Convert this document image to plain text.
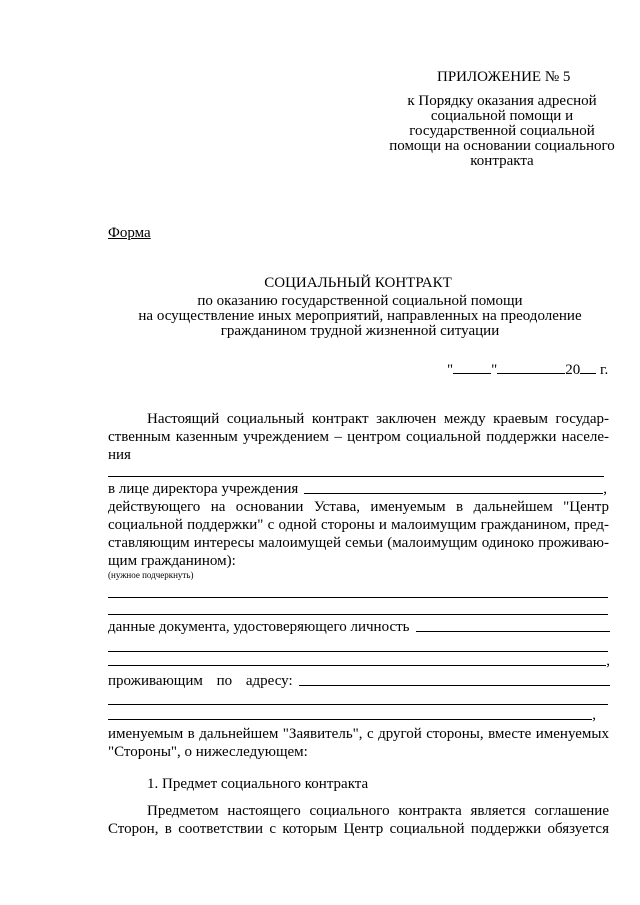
ПРИЛОЖЕНИЕ № 5
к Порядку оказания адресной
социальной помощи и
государственной социальной
помощи на основании социального
контракта
Форма
СОЦИАЛЬНЫЙ КОНТРАКТ
по оказанию государственной социальной помощи
на осуществление иных мероприятий, направленных на преодоление
гражданином трудной жизненной ситуации
"	"	20 г.
Настоящий социальный контракт заключен между краевым государ-
ственным казенным учреждением – центром социальной поддержки населе-
ния
в лице директора учреждения	,
действующего на основании Устава, именуемым в дальнейшем "Центр
социальной поддержки" с одной стороны и малоимущим гражданином, пред-
ставляющим интересы малоимущей семьи (малоимущим одиноко проживаю-
щим гражданином):
(нужное подчеркнуть)
данные документа, удостоверяющего личность
,
проживающим по адресу:
,
именуемым в дальнейшем "Заявитель", с другой стороны, вместе именуемых
"Стороны", о нижеследующем:
1. Предмет социального контракта
Предметом настоящего социального контракта является соглашение
Сторон, в соответствии с которым Центр социальной поддержки обязуется
